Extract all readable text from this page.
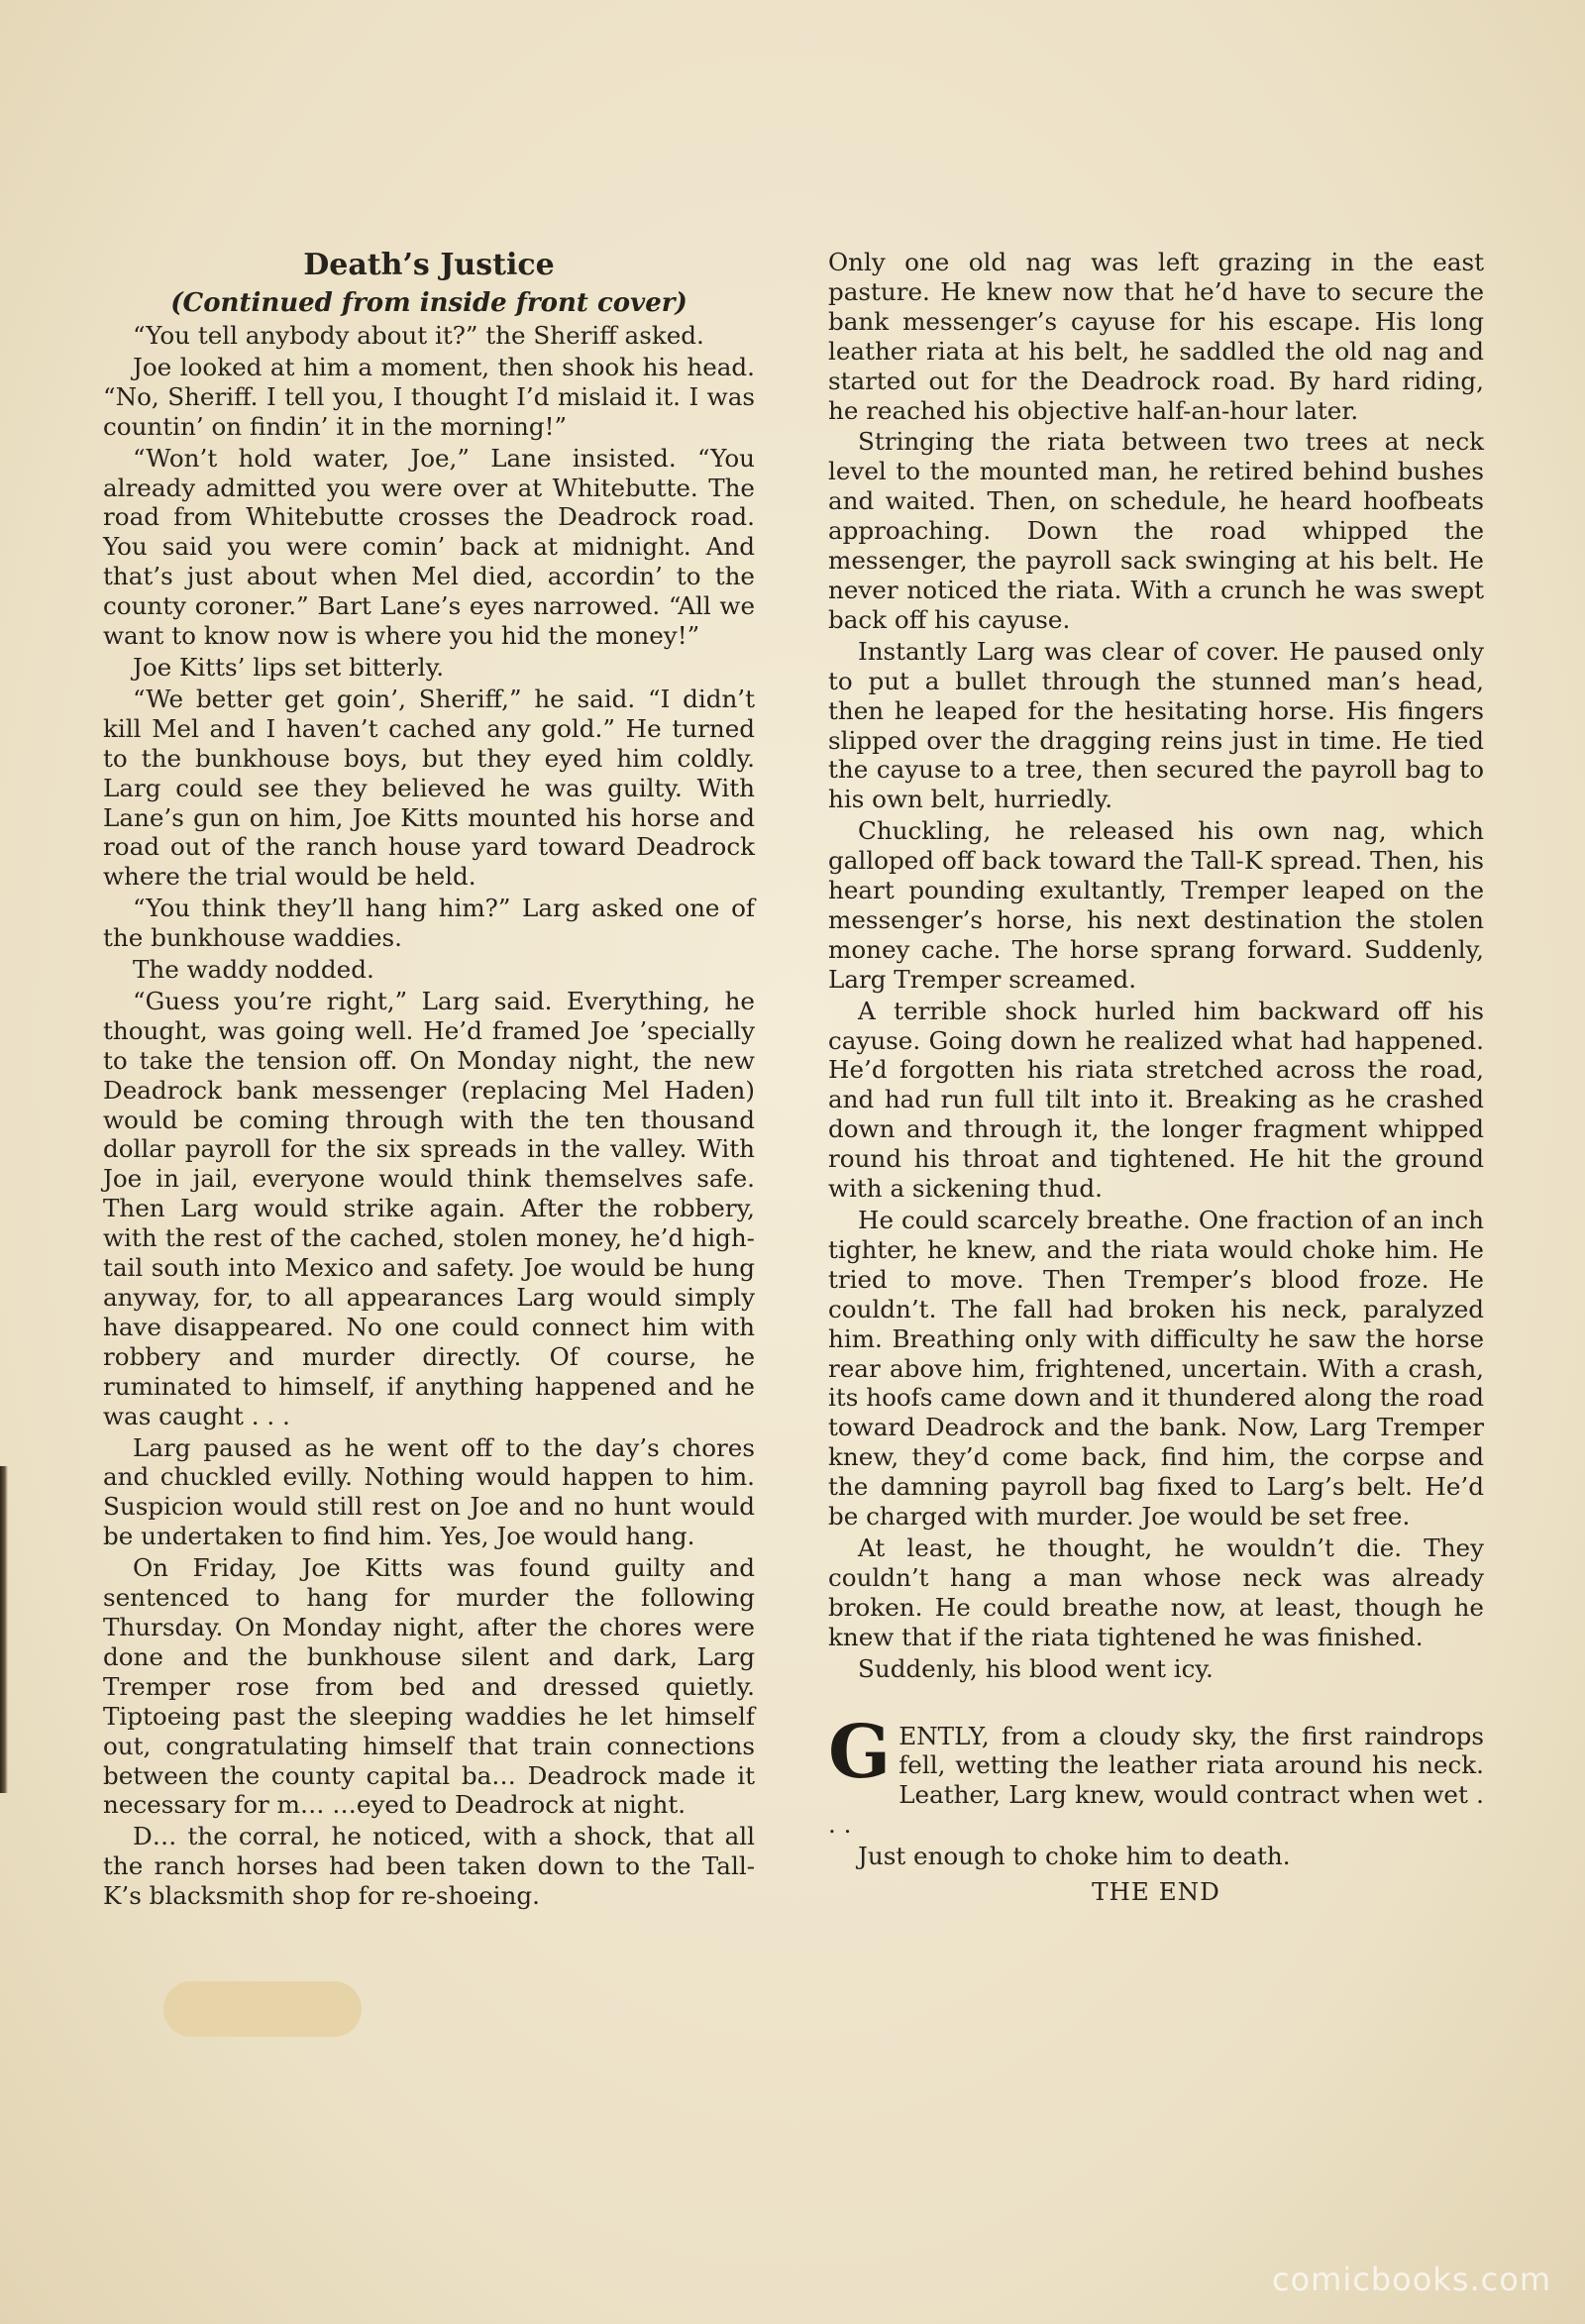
Death’s Justice
(Continued from inside front cover)

“You tell anybody about it?” the Sheriff asked.

Joe looked at him a moment, then shook his head. “No, Sheriff. I tell you, I thought I’d mislaid it. I was countin’ on findin’ it in the morning!”

“Won’t hold water, Joe,” Lane insisted. “You already admitted you were over at Whitebutte. The road from Whitebutte crosses the Deadrock road. You said you were comin’ back at midnight. And that’s just about when Mel died, accordin’ to the county coroner.” Bart Lane’s eyes narrowed. “All we want to know now is where you hid the money!”

Joe Kitts’ lips set bitterly.

“We better get goin’, Sheriff,” he said. “I didn’t kill Mel and I haven’t cached any gold.” He turned to the bunkhouse boys, but they eyed him coldly. Larg could see they believed he was guilty. With Lane’s gun on him, Joe Kitts mounted his horse and road out of the ranch house yard toward Deadrock where the trial would be held.

“You think they’ll hang him?” Larg asked one of the bunkhouse waddies.

The waddy nodded.

“Guess you’re right,” Larg said. Everything, he thought, was going well. He’d framed Joe ’specially to take the tension off. On Monday night, the new Deadrock bank messenger (replacing Mel Haden) would be coming through with the ten thousand dollar payroll for the six spreads in the valley. With Joe in jail, everyone would think themselves safe. Then Larg would strike again. After the robbery, with the rest of the cached, stolen money, he’d high-tail south into Mexico and safety. Joe would be hung anyway, for, to all appearances Larg would simply have disappeared. No one could connect him with robbery and murder directly. Of course, he ruminated to himself, if anything happened and he was caught . . .

Larg paused as he went off to the day’s chores and chuckled evilly. Nothing would happen to him. Suspicion would still rest on Joe and no hunt would be undertaken to find him. Yes, Joe would hang.

On Friday, Joe Kitts was found guilty and sentenced to hang for murder the following Thursday. On Monday night, after the chores were done and the bunkhouse silent and dark, Larg Tremper rose from bed and dressed quietly. Tiptoeing past the sleeping waddies he let himself out, congratulating himself that train connections between the county capital ba… Deadrock made it necessary for m… …eyed to Deadrock at night.

D… the corral, he noticed, with a shock, that all the ranch horses had been taken down to the Tall-K’s blacksmith shop for re-shoeing.

Only one old nag was left grazing in the east pasture. He knew now that he’d have to secure the bank messenger’s cayuse for his escape. His long leather riata at his belt, he saddled the old nag and started out for the Deadrock road. By hard riding, he reached his objective half-an-hour later.

Stringing the riata between two trees at neck level to the mounted man, he retired behind bushes and waited. Then, on schedule, he heard hoofbeats approaching. Down the road whipped the messenger, the payroll sack swinging at his belt. He never noticed the riata. With a crunch he was swept back off his cayuse.

Instantly Larg was clear of cover. He paused only to put a bullet through the stunned man’s head, then he leaped for the hesitating horse. His fingers slipped over the dragging reins just in time. He tied the cayuse to a tree, then secured the payroll bag to his own belt, hurriedly.

Chuckling, he released his own nag, which galloped off back toward the Tall-K spread. Then, his heart pounding exultantly, Tremper leaped on the messenger’s horse, his next destination the stolen money cache. The horse sprang forward. Suddenly, Larg Tremper screamed.

A terrible shock hurled him backward off his cayuse. Going down he realized what had happened. He’d forgotten his riata stretched across the road, and had run full tilt into it. Breaking as he crashed down and through it, the longer fragment whipped round his throat and tightened. He hit the ground with a sickening thud.

He could scarcely breathe. One fraction of an inch tighter, he knew, and the riata would choke him. He tried to move. Then Tremper’s blood froze. He couldn’t. The fall had broken his neck, paralyzed him. Breathing only with difficulty he saw the horse rear above him, frightened, uncertain. With a crash, its hoofs came down and it thundered along the road toward Deadrock and the bank. Now, Larg Tremper knew, they’d come back, find him, the corpse and the damning payroll bag fixed to Larg’s belt. He’d be charged with murder. Joe would be set free.

At least, he thought, he wouldn’t die. They couldn’t hang a man whose neck was already broken. He could breathe now, at least, though he knew that if the riata tightened he was finished.

Suddenly, his blood went icy.

GENTLY, from a cloudy sky, the first raindrops fell, wetting the leather riata around his neck. Leather, Larg knew, would contract when wet . . .

Just enough to choke him to death.

THE END

comicbooks.com
